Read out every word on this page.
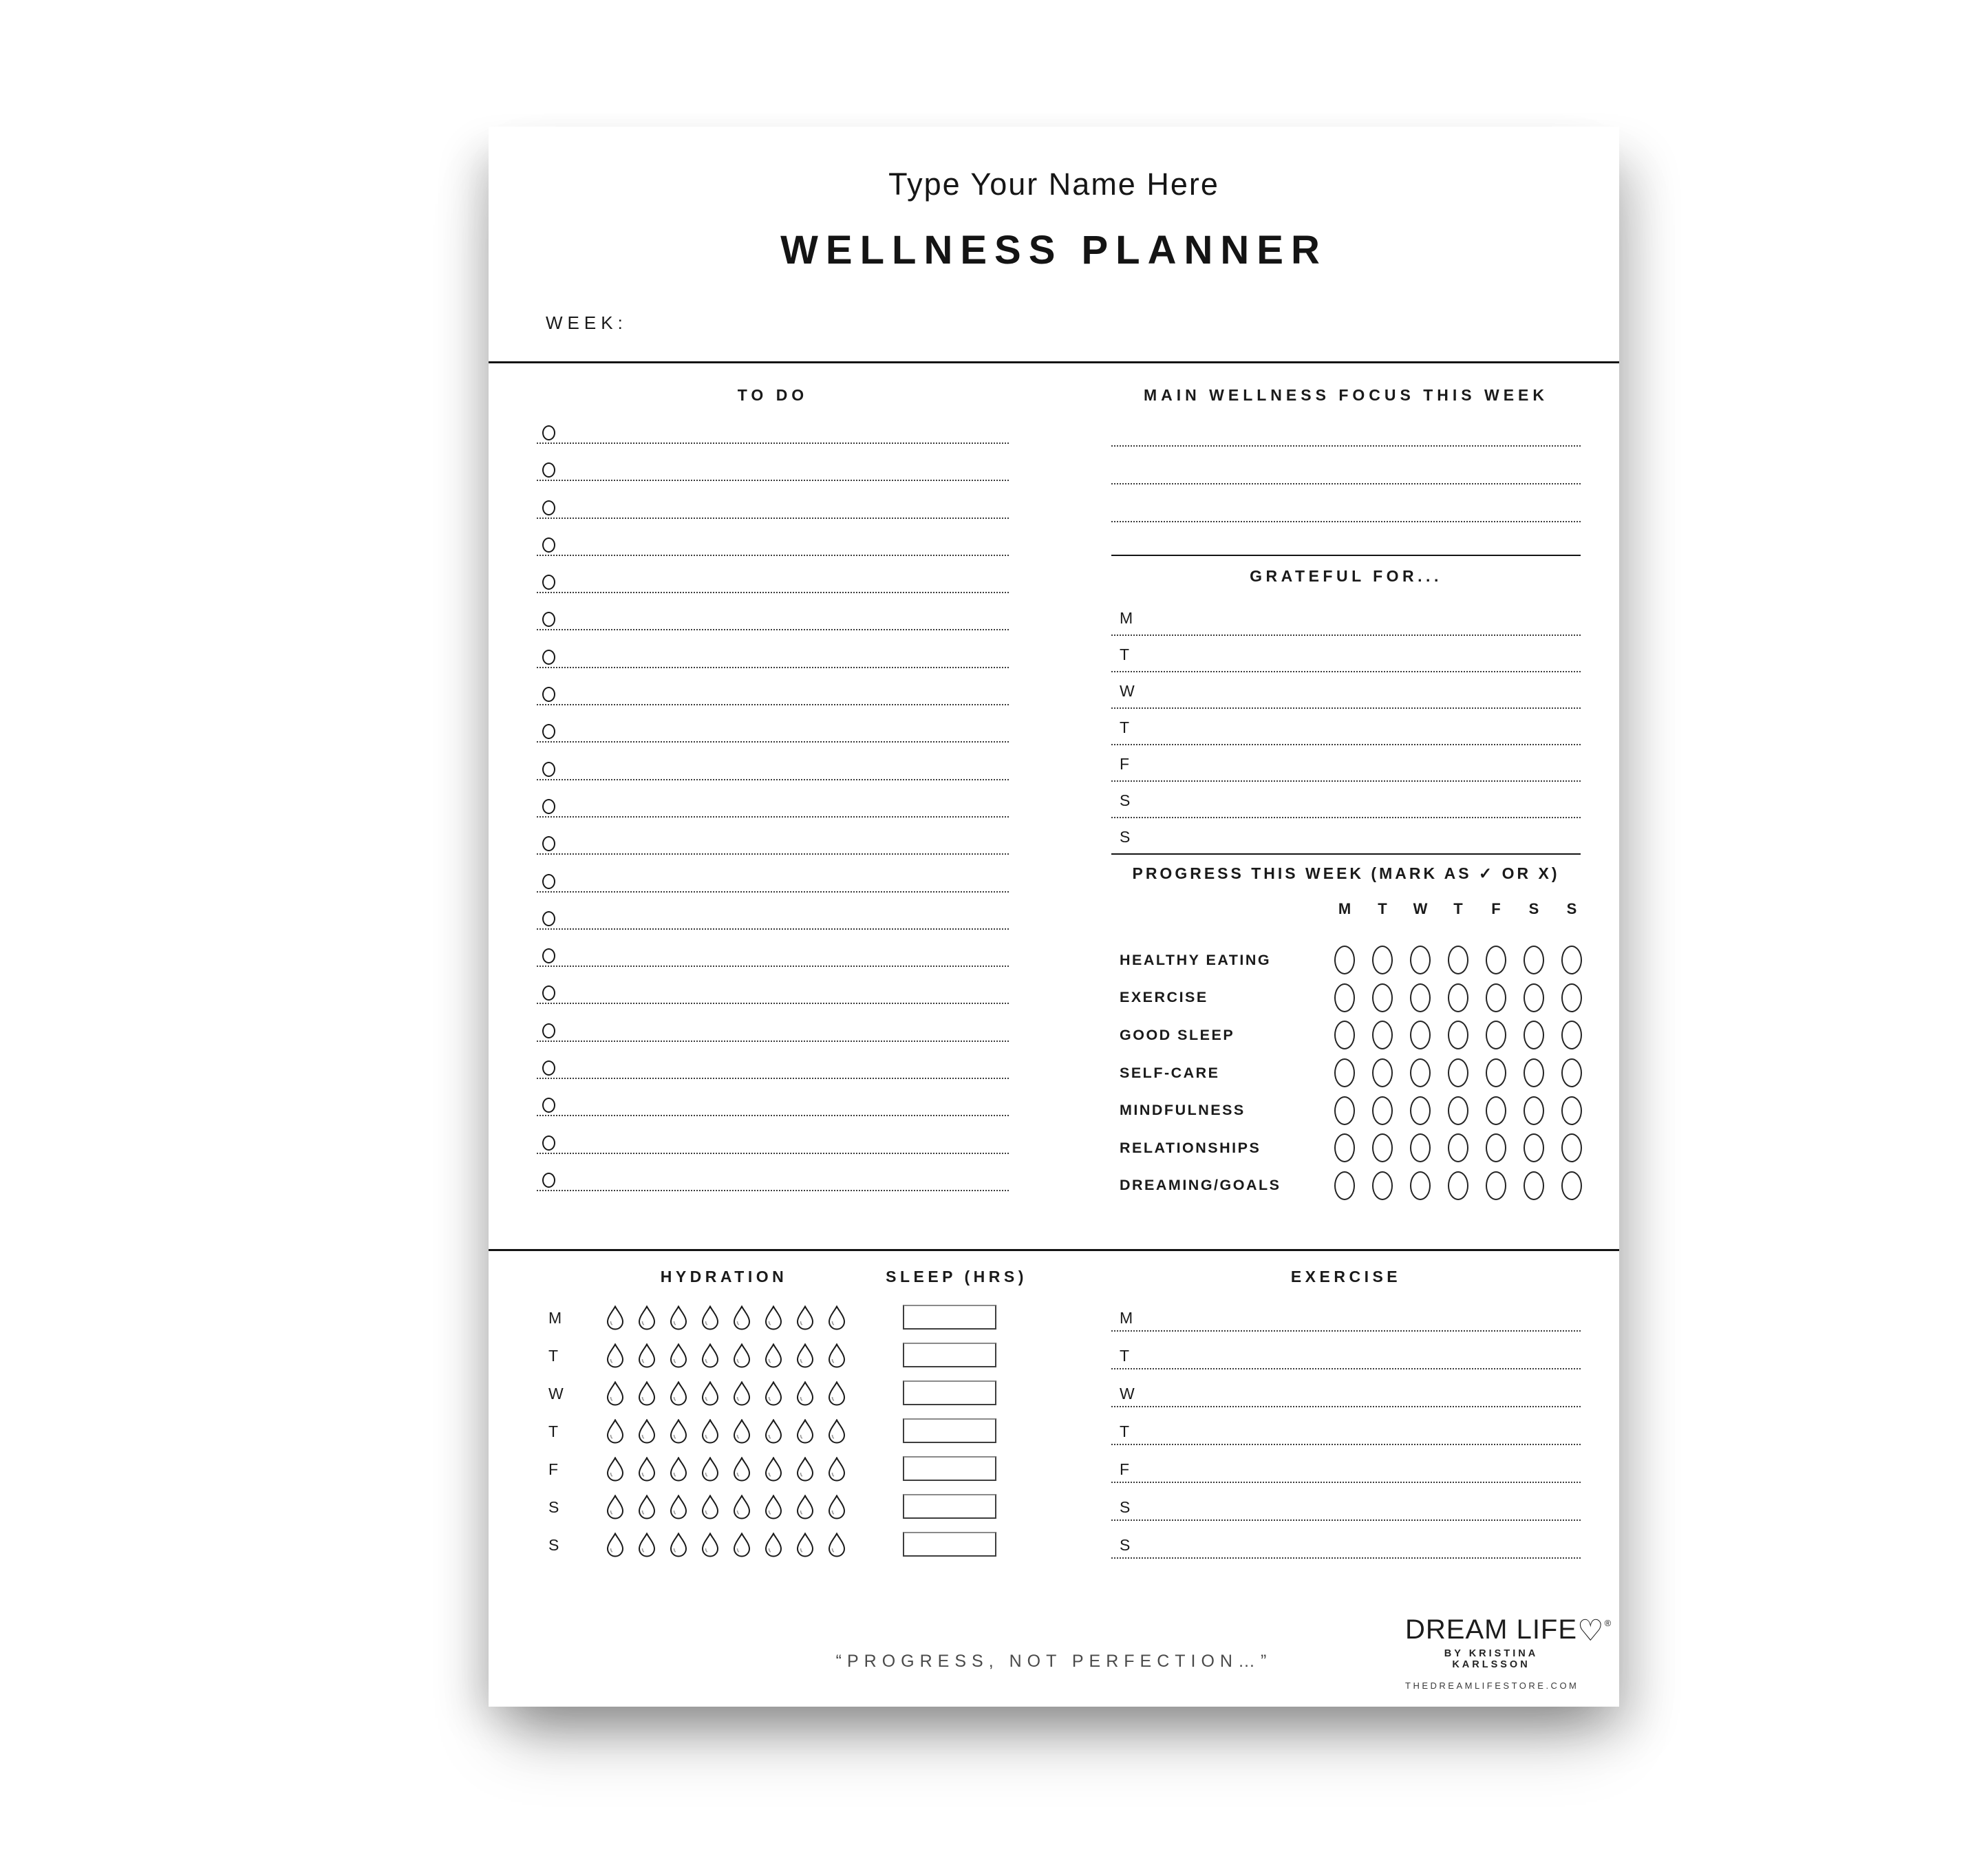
Type Your Name Here
WELLNESS PLANNER
WEEK:
TO DO	MAIN WELLNESS FOCUS THIS WEEK
GRATEFUL FOR...
M
T
W
T
F
S
S
PROGRESS THIS WEEK (MARK AS ✓ OR X)
M	T	W	T	F	S	S
HEALTHY EATING
EXERCISE
GOOD SLEEP
SELF-CARE
MINDFULNESS
RELATIONSHIPS
DREAMING/GOALS
HYDRATION	SLEEP (HRS)	EXERCISE
M
T
W
T
F
S
S
M
T
W
T
F
S
S
“PROGRESS, NOT PERFECTION…”
DREAM LIFE♡®
BY KRISTINA KARLSSON
THEDREAMLIFESTORE.COM
